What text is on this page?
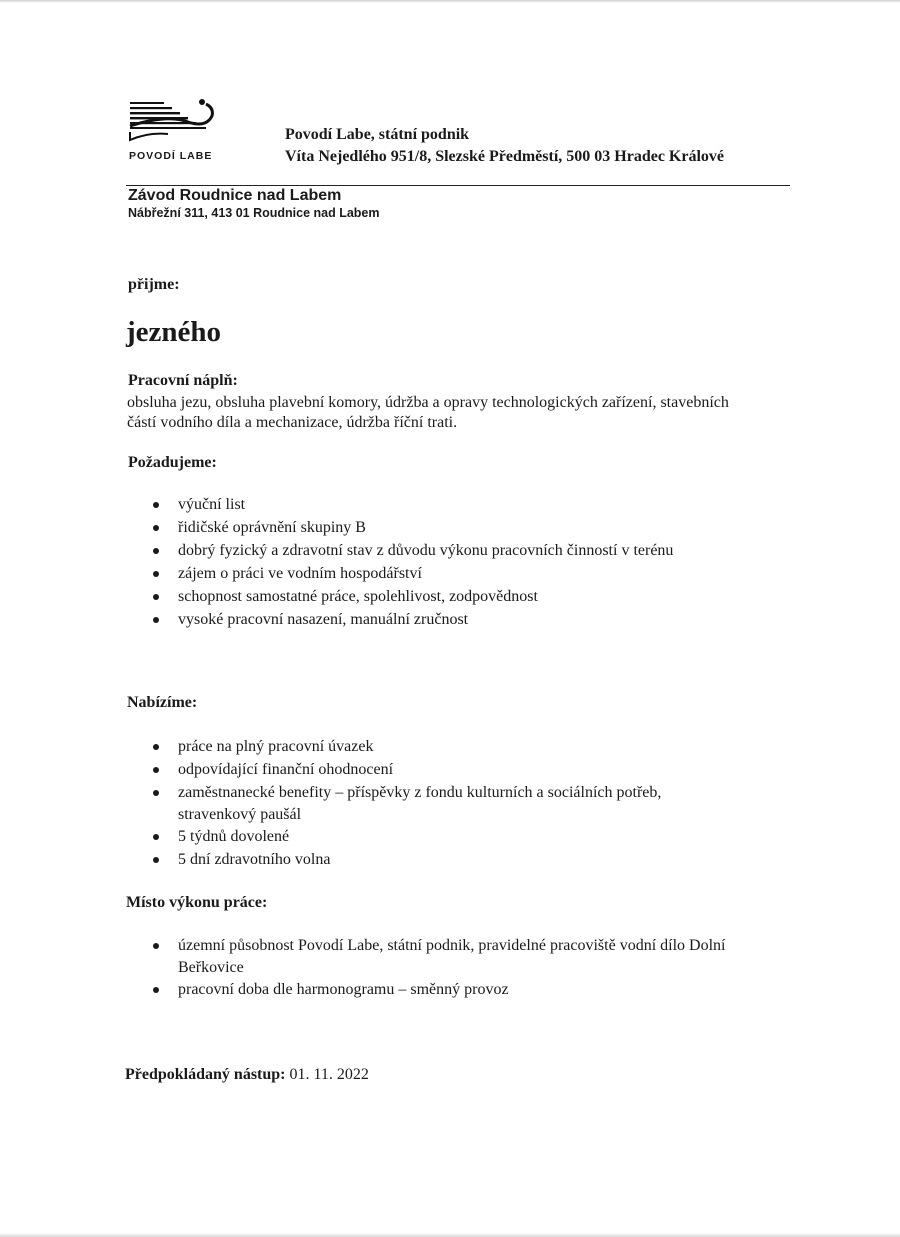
POVODÍ LABE
Povodí Labe, státní podnik
Víta Nejedlého 951/8, Slezské Předměstí, 500 03 Hradec Králové
Závod Roudnice nad Labem
Nábřežní 311, 413 01 Roudnice nad Labem
přijme:
jezného
Pracovní náplň:
obsluha jezu, obsluha plavební komory, údržba a opravy technologických zařízení, stavebních
částí vodního díla a mechanizace, údržba říční trati.
Požadujeme:
výuční list
řidičské oprávnění skupiny B
dobrý fyzický a zdravotní stav z důvodu výkonu pracovních činností v terénu
zájem o práci ve vodním hospodářství
schopnost samostatné práce, spolehlivost, zodpovědnost
vysoké pracovní nasazení, manuální zručnost
Nabízíme:
práce na plný pracovní úvazek
odpovídající finanční ohodnocení
zaměstnanecké benefity – příspěvky z fondu kulturních a sociálních potřeb,
stravenkový paušál
5 týdnů dovolené
5 dní zdravotního volna
Místo výkonu práce:
územní působnost Povodí Labe, státní podnik, pravidelné pracoviště vodní dílo Dolní
Beřkovice
pracovní doba dle harmonogramu – směnný provoz
Předpokládaný nástup: 01. 11. 2022
